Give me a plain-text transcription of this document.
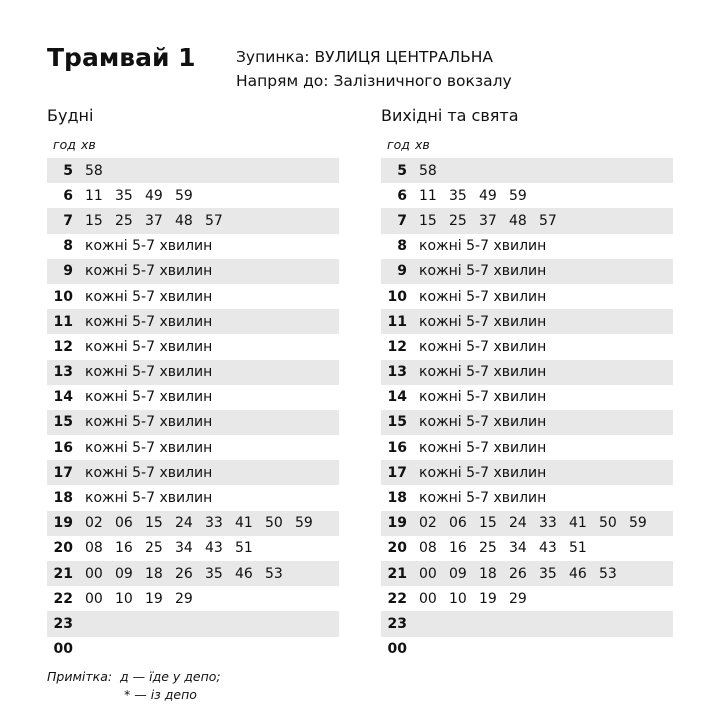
Трамвай 1	Зупинка: ВУЛИЦЯ ЦЕНТРАЛЬНА
Напрям до: Залізничного вокзалу
Будні
год хв
5 58
6 11 35 49 59
7 15 25 37 48 57
8 кожні 5-7 хвилин
9 кожні 5-7 хвилин
10 кожні 5-7 хвилин
11 кожні 5-7 хвилин
12 кожні 5-7 хвилин
13 кожні 5-7 хвилин
14 кожні 5-7 хвилин
15 кожні 5-7 хвилин
16 кожні 5-7 хвилин
17 кожні 5-7 хвилин
18 кожні 5-7 хвилин
19 02 06 15 24 33 41 50 59
20 08 16 25 34 43 51
21 00 09 18 26 35 46 53
22 00 10 19 29
23
00
Вихідні та свята
год хв
5 58
6 11 35 49 59
7 15 25 37 48 57
8 кожні 5-7 хвилин
9 кожні 5-7 хвилин
10 кожні 5-7 хвилин
11 кожні 5-7 хвилин
12 кожні 5-7 хвилин
13 кожні 5-7 хвилин
14 кожні 5-7 хвилин
15 кожні 5-7 хвилин
16 кожні 5-7 хвилин
17 кожні 5-7 хвилин
18 кожні 5-7 хвилин
19 02 06 15 24 33 41 50 59
20 08 16 25 34 43 51
21 00 09 18 26 35 46 53
22 00 10 19 29
23
00
Примітка: д — їде у депо;
* — із депо
